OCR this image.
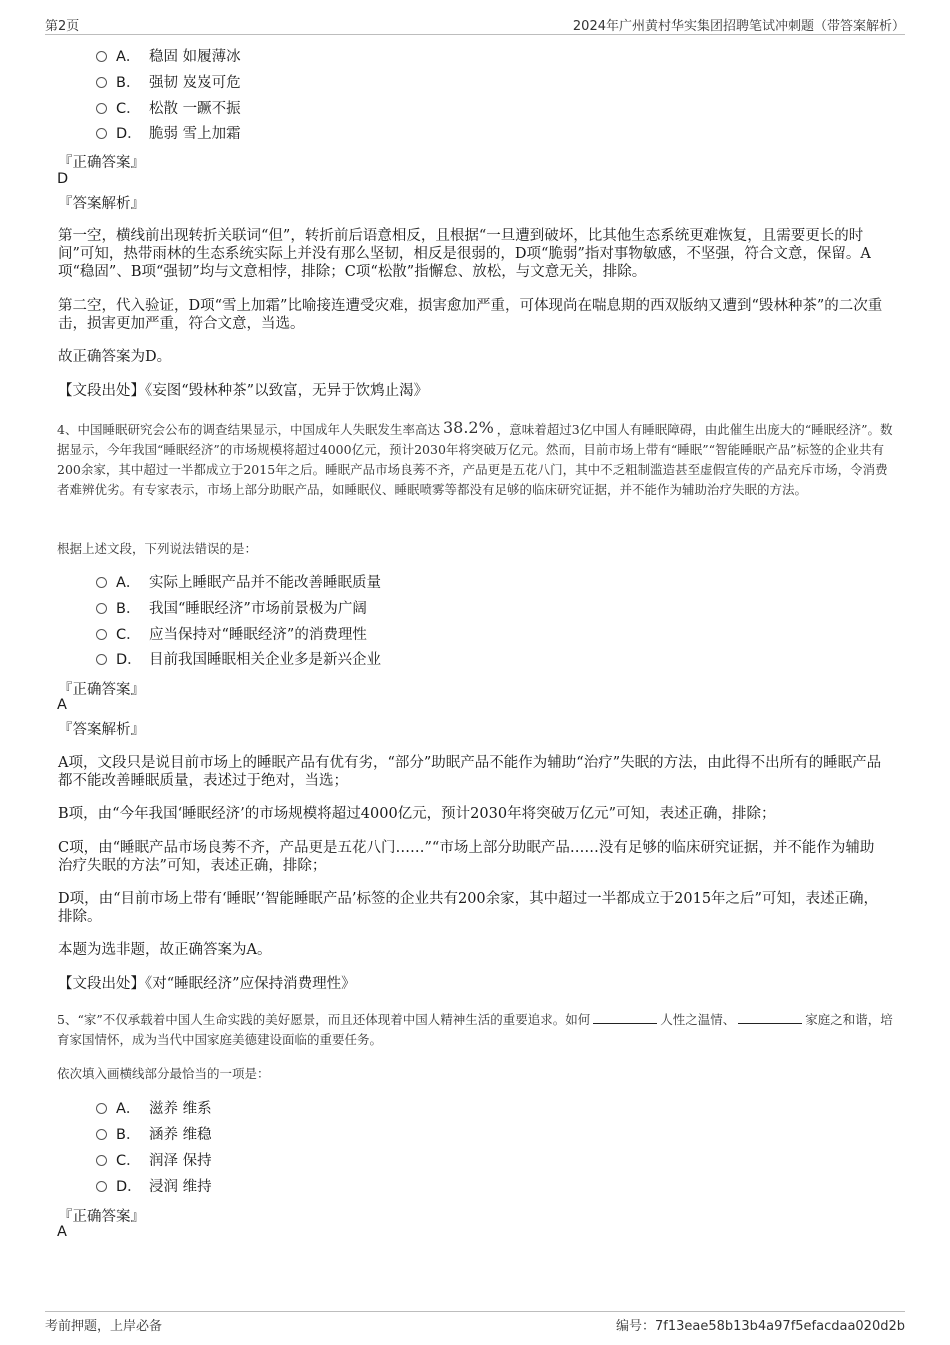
第2页	2024年广州黄村华实集团招聘笔试冲刺题（带答案解析）
A． 稳固 如履薄冰
B． 强韧 岌岌可危
C． 松散 一蹶不振
D． 脆弱 雪上加霜
『正确答案』
D
『答案解析』
第一空，横线前出现转折关联词“但”，转折前后语意相反，且根据“一旦遭到破坏，比其他生态系统更难恢复，且需要更长的时间”可知，热带雨林的生态系统实际上并没有那么坚韧，相反是很弱的，D项“脆弱”指对事物敏感，不坚强，符合文意，保留。A项“稳固”、B项“强韧”均与文意相悖，排除；C项“松散”指懈怠、放松，与文意无关，排除。
第二空，代入验证，D项“雪上加霜”比喻接连遭受灾难，损害愈加严重，可体现尚在喘息期的西双版纳又遭到“毁林种茶”的二次重击，损害更加严重，符合文意，当选。
故正确答案为D。
【文段出处】《妄图“毁林种茶”以致富，无异于饮鸩止渴》
4、中国睡眠研究会公布的调查结果显示，中国成年人失眠发生率高达 38.2% ，意味着超过3亿中国人有睡眠障碍，由此催生出庞大的“睡眠经济”。数据显示，今年我国“睡眠经济”的市场规模将超过4000亿元，预计2030年将突破万亿元。然而，目前市场上带有“睡眠”“智能睡眠产品”标签的企业共有200余家，其中超过一半都成立于2015年之后。睡眠产品市场良莠不齐，产品更是五花八门，其中不乏粗制滥造甚至虚假宣传的产品充斥市场，令消费者难辨优劣。有专家表示，市场上部分助眠产品，如睡眠仪、睡眠喷雾等都没有足够的临床研究证据，并不能作为辅助治疗失眠的方法。
根据上述文段，下列说法错误的是：
A． 实际上睡眠产品并不能改善睡眠质量
B． 我国“睡眠经济”市场前景极为广阔
C． 应当保持对“睡眠经济”的消费理性
D． 目前我国睡眠相关企业多是新兴企业
『正确答案』
A
『答案解析』
A项，文段只是说目前市场上的睡眠产品有优有劣，“部分”助眠产品不能作为辅助“治疗”失眠的方法，由此得不出所有的睡眠产品都不能改善睡眠质量，表述过于绝对，当选；
B项，由“今年我国‘睡眠经济’的市场规模将超过4000亿元，预计2030年将突破万亿元”可知，表述正确，排除；
C项，由“睡眠产品市场良莠不齐，产品更是五花八门……”“市场上部分助眠产品……没有足够的临床研究证据，并不能作为辅助治疗失眠的方法”可知，表述正确，排除；
D项，由“目前市场上带有‘睡眠’‘智能睡眠产品’标签的企业共有200余家，其中超过一半都成立于2015年之后”可知，表述正确，排除。
本题为选非题，故正确答案为A。
【文段出处】《对“睡眠经济”应保持消费理性》
5、“家”不仅承载着中国人生命实践的美好愿景，而且还体现着中国人精神生活的重要追求。如何	人性之温情、	家庭之和谐，培育家国情怀，成为当代中国家庭美德建设面临的重要任务。
依次填入画横线部分最恰当的一项是：
A． 滋养 维系
B． 涵养 维稳
C． 润泽 保持
D． 浸润 维持
『正确答案』
A
考前押题，上岸必备	编号：7f13eae58b13b4a97f5efacdaa020d2b
